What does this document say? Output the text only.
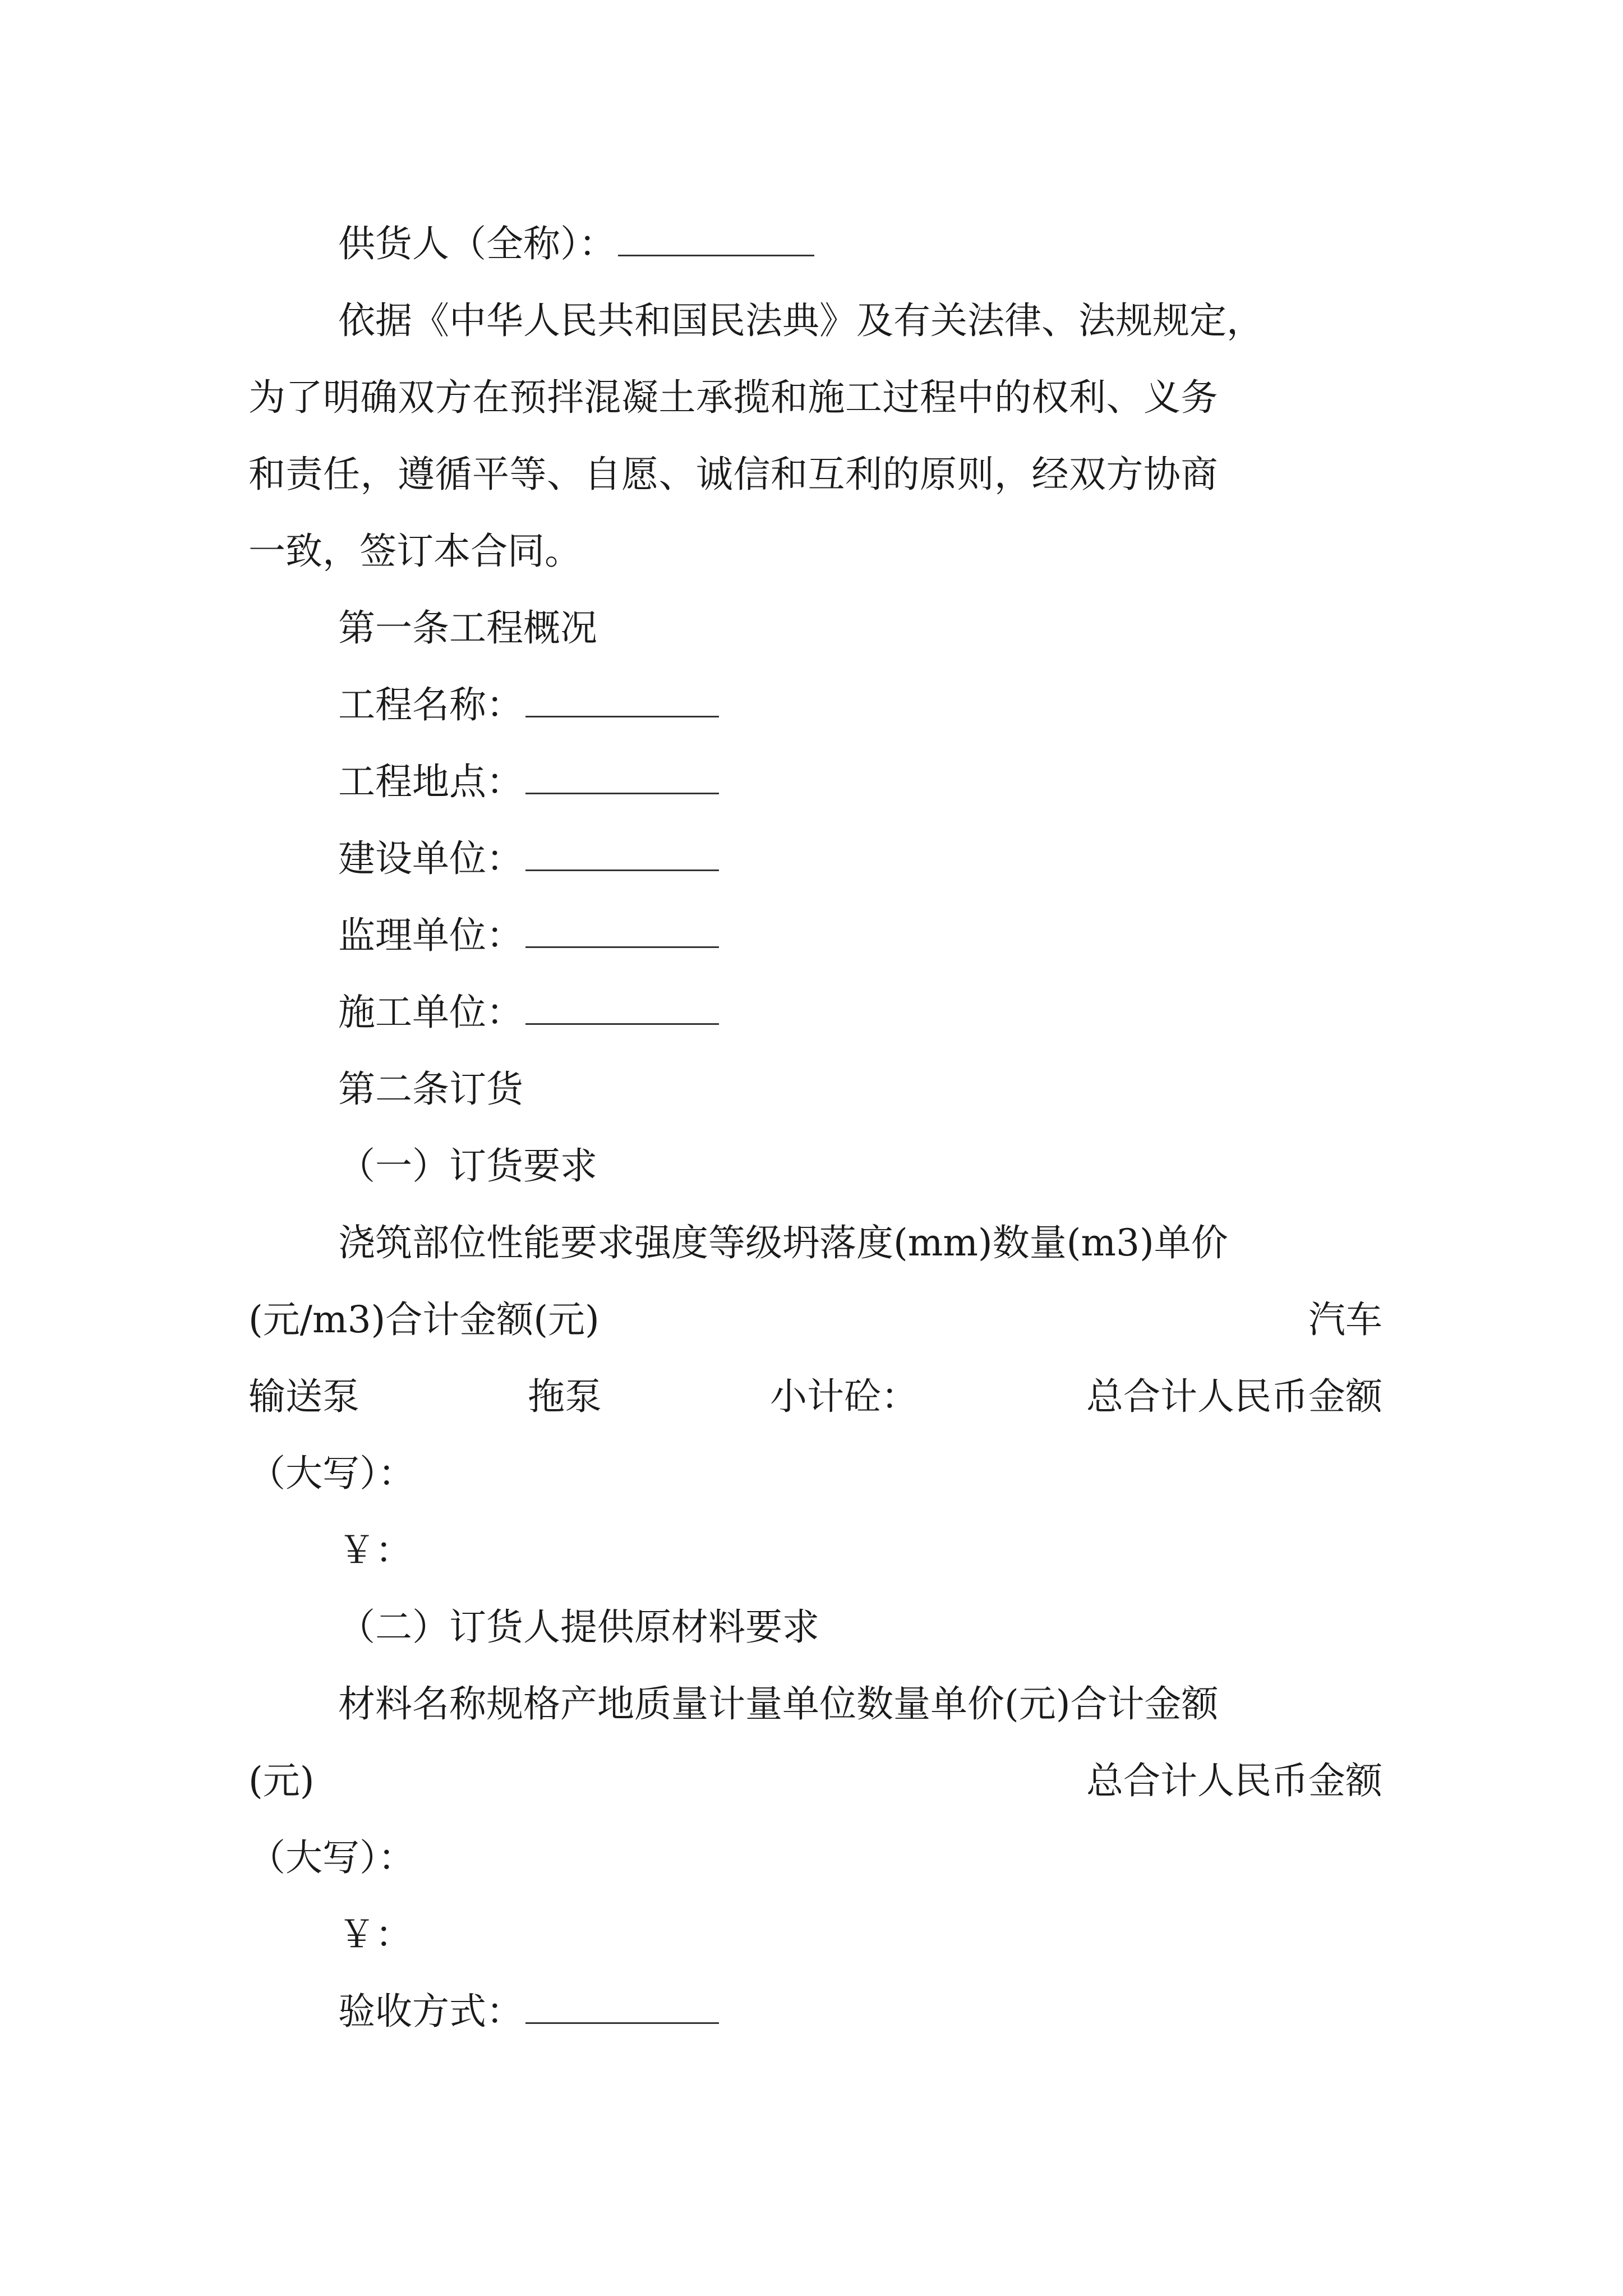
供货人（全称）：
依据《中华人民共和国民法典》及有关法律、法规规定，
为了明确双方在预拌混凝土承揽和施工过程中的权利、义务
和责任，遵循平等、自愿、诚信和互利的原则，经双方协商
一致，签订本合同。
第一条工程概况
工程名称：
工程地点：
建设单位：
监理单位：
施工单位：
第二条订货
（一）订货要求
浇筑部位性能要求强度等级坍落度(mm)数量(m3)单价
(元/m3)合计金额(元)	汽车
输送泵	拖泵	小计砼：	总合计人民币金额
（大写）：
￥：
（二）订货人提供原材料要求
材料名称规格产地质量计量单位数量单价(元)合计金额
(元)	总合计人民币金额
（大写）：
￥：
验收方式：
